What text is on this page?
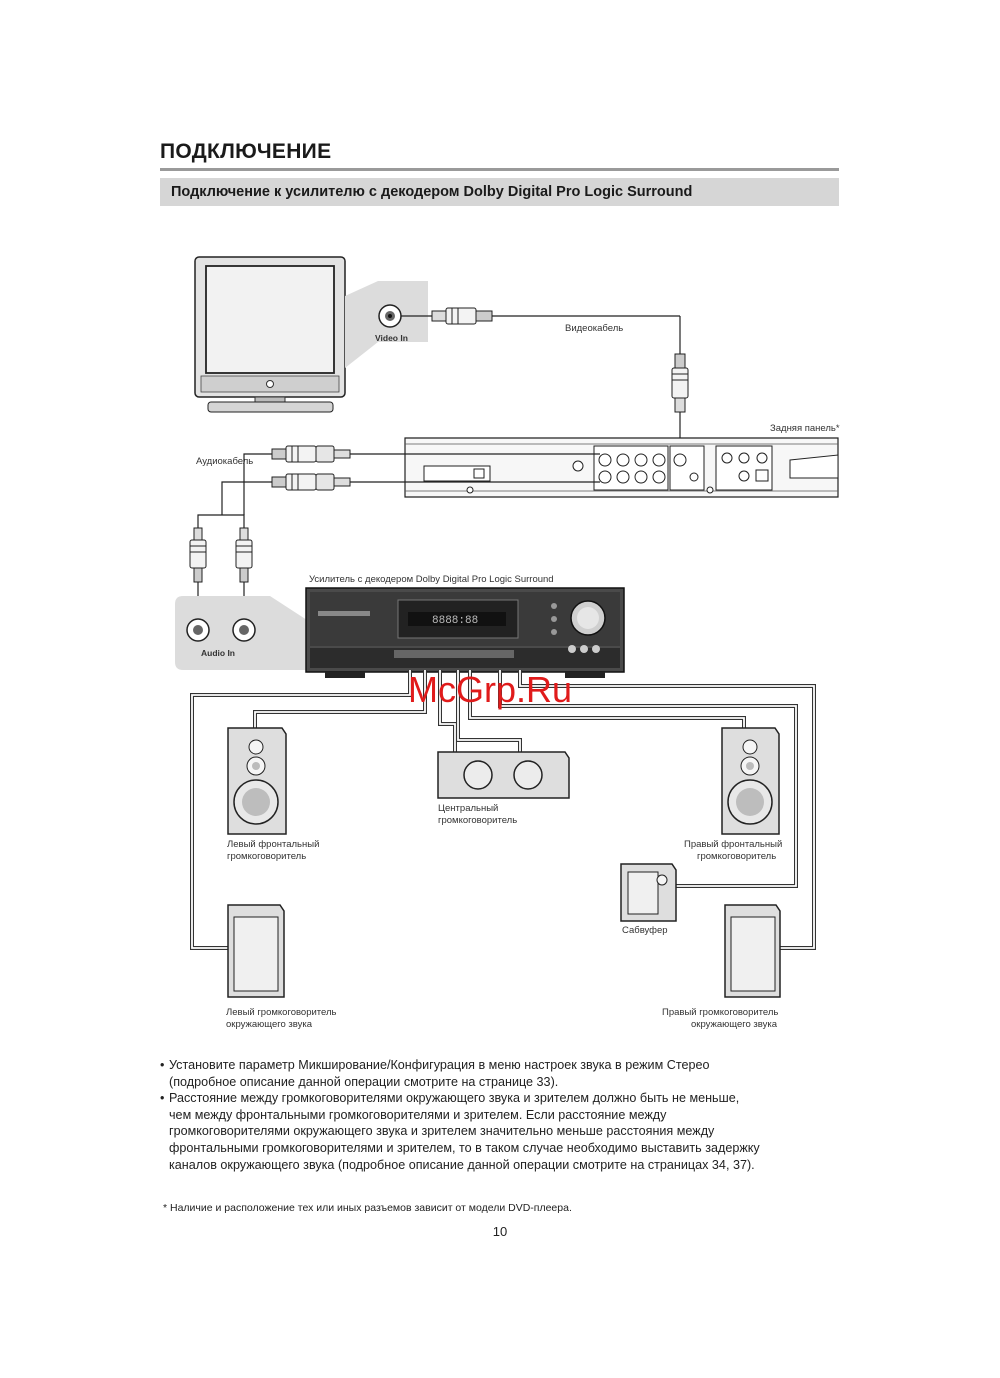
ПОДКЛЮЧЕНИЕ
Подключение к усилителю с декодером Dolby Digital Pro Logic Surround
Video In
Видеокабель
Задняя панель*
Аудиокабель
Audio In
Усилитель с декодером Dolby Digital Pro Logic Surround
8888:88
Левый фронтальный
громкоговоритель
Центральный
громкоговоритель
Правый фронтальный
громкоговоритель
Сабвуфер
Левый громкоговоритель
окружающего звука
Правый громкоговоритель
окружающего звука
McGrp.Ru
• Установите параметр Микширование/Конфигурация в меню настроек звука в режим Стерео
(подробное описание данной операции смотрите на странице 33).
• Расстояние между громкоговорителями окружающего звука и зрителем должно быть не меньше,
чем между фронтальными громкоговорителями и зрителем. Если расстояние между
громкоговорителями окружающего звука и зрителем значительно меньше расстояния между
фронтальными громкоговорителями и зрителем, то в таком случае необходимо выставить задержку
каналов окружающего звука (подробное описание данной операции смотрите на страницах 34, 37).
* Наличие и расположение тех или иных разъемов зависит от модели DVD-плеера.
10
